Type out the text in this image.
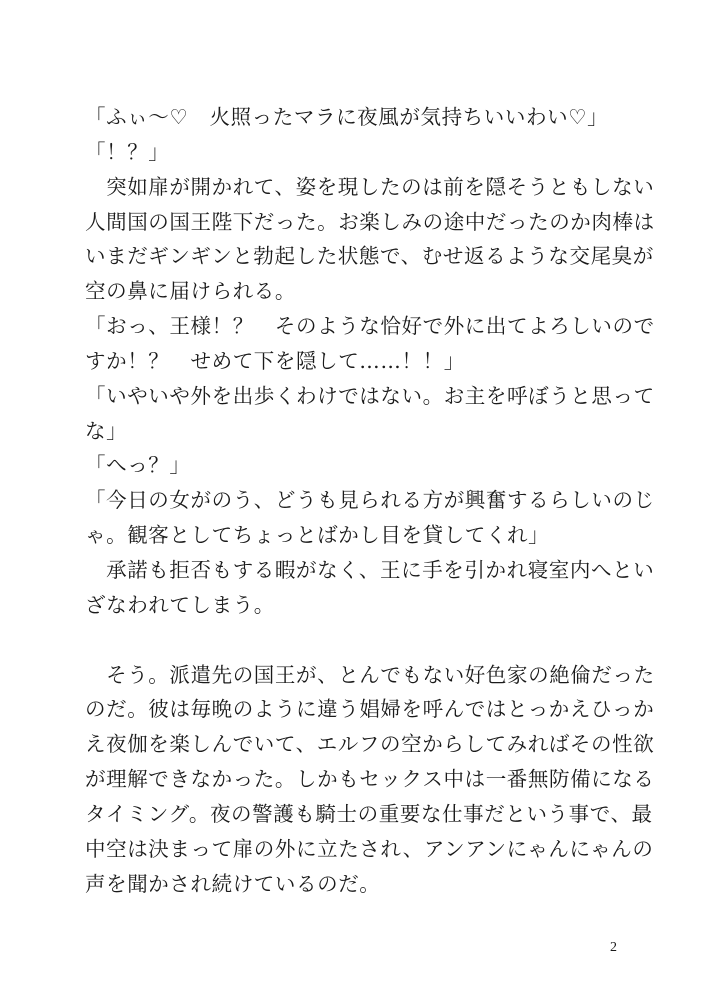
「ふぃ〜♡　火照ったマラに夜風が気持ちいいわい♡」
「！？」
　突如扉が開かれて、姿を現したのは前を隠そうともしない
人間国の国王陛下だった。お楽しみの途中だったのか肉棒は
いまだギンギンと勃起した状態で、むせ返るような交尾臭が
空の鼻に届けられる。
「おっ、王様！？　そのような恰好で外に出てよろしいので
すか！？　せめて下を隠して……！！」
「いやいや外を出歩くわけではない。お主を呼ぼうと思って
な」
「へっ？」
「今日の女がのう、どうも見られる方が興奮するらしいのじ
ゃ。観客としてちょっとばかし目を貸してくれ」
　承諾も拒否もする暇がなく、王に手を引かれ寝室内へとい
ざなわれてしまう。
　そう。派遣先の国王が、とんでもない好色家の絶倫だった
のだ。彼は毎晩のように違う娼婦を呼んではとっかえひっか
え夜伽を楽しんでいて、エルフの空からしてみればその性欲
が理解できなかった。しかもセックス中は一番無防備になる
タイミング。夜の警護も騎士の重要な仕事だという事で、最
中空は決まって扉の外に立たされ、アンアンにゃんにゃんの
声を聞かされ続けているのだ。
2
